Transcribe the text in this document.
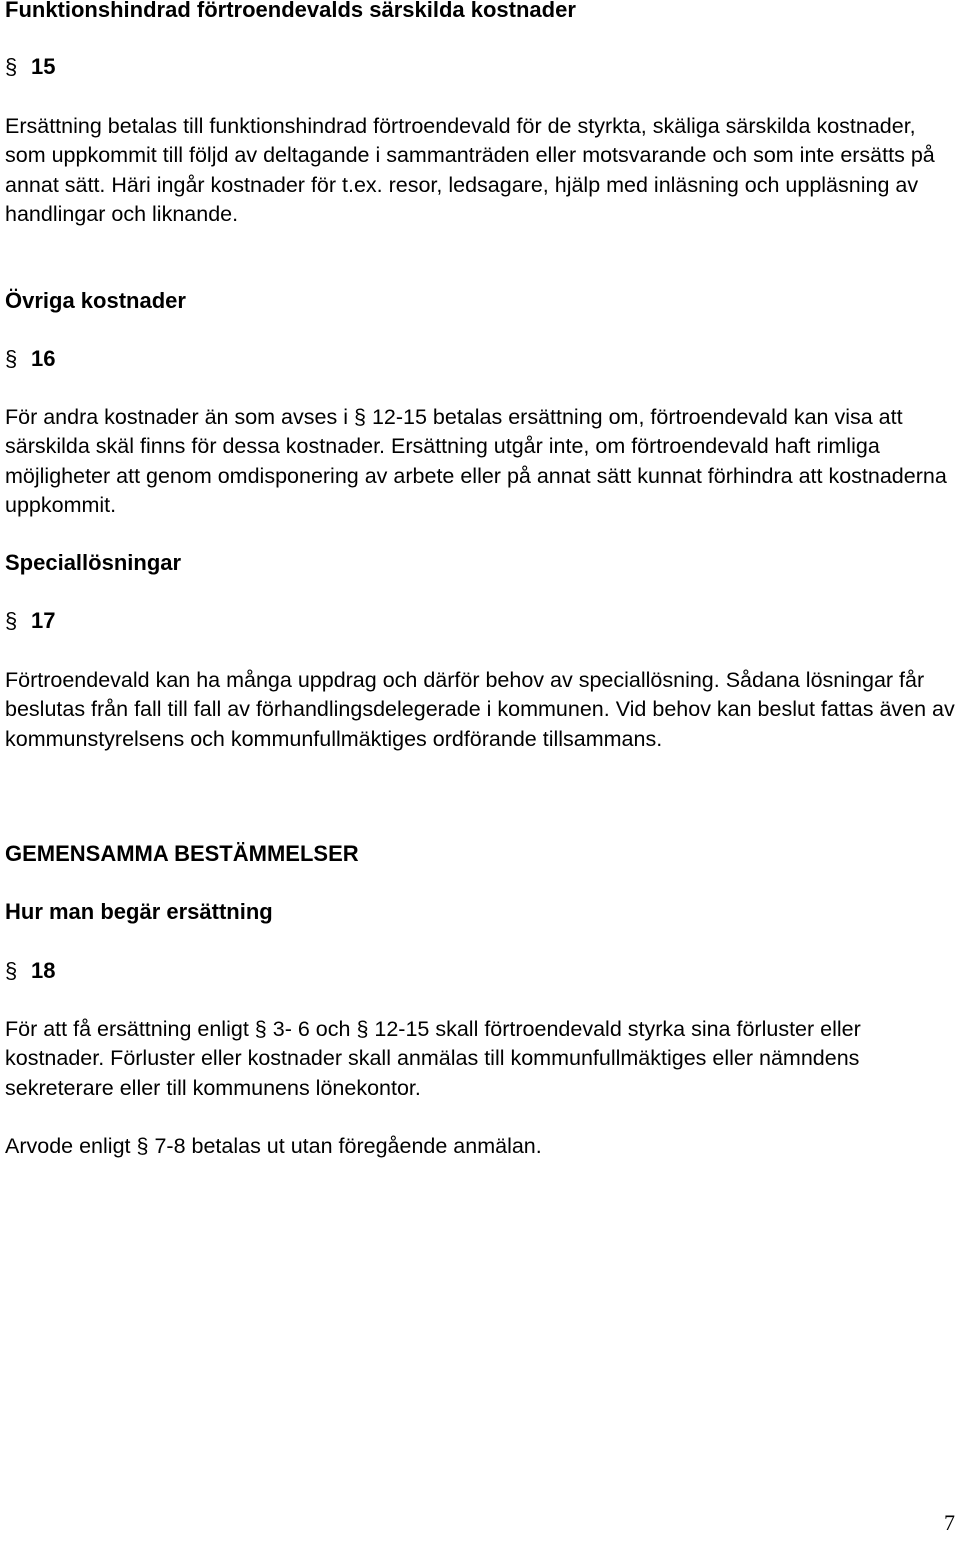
Funktionshindrad förtroendevalds särskilda kostnader
§ 15

Ersättning betalas till funktionshindrad förtroendevald för de styrkta, skäliga särskilda kostnader, som uppkommit till följd av deltagande i sammanträden eller motsvarande och som inte ersätts på annat sätt. Häri ingår kostnader för t.ex. resor, ledsagare, hjälp med inläsning och uppläsning av handlingar och liknande.

Övriga kostnader
§ 16

För andra kostnader än som avses i § 12-15 betalas ersättning om, förtroendevald kan visa att särskilda skäl finns för dessa kostnader. Ersättning utgår inte, om förtroendevald haft rimliga möjligheter att genom omdisponering av arbete eller på annat sätt kunnat förhindra att kostnaderna uppkommit.

Speciallösningar
§ 17

Förtroendevald kan ha många uppdrag och därför behov av speciallösning. Sådana lösningar får beslutas från fall till fall av förhandlingsdelegerade i kommunen. Vid behov kan beslut fattas även av kommunstyrelsens och kommunfullmäktiges ordförande tillsammans.

GEMENSAMMA BESTÄMMELSER
Hur man begär ersättning
§ 18

För att få ersättning enligt § 3- 6 och § 12-15 skall förtroendevald styrka sina förluster eller kostnader. Förluster eller kostnader skall anmälas till kommunfullmäktiges eller nämndens sekreterare eller till kommunens lönekontor.

Arvode enligt § 7-8 betalas ut utan föregående anmälan.

7
